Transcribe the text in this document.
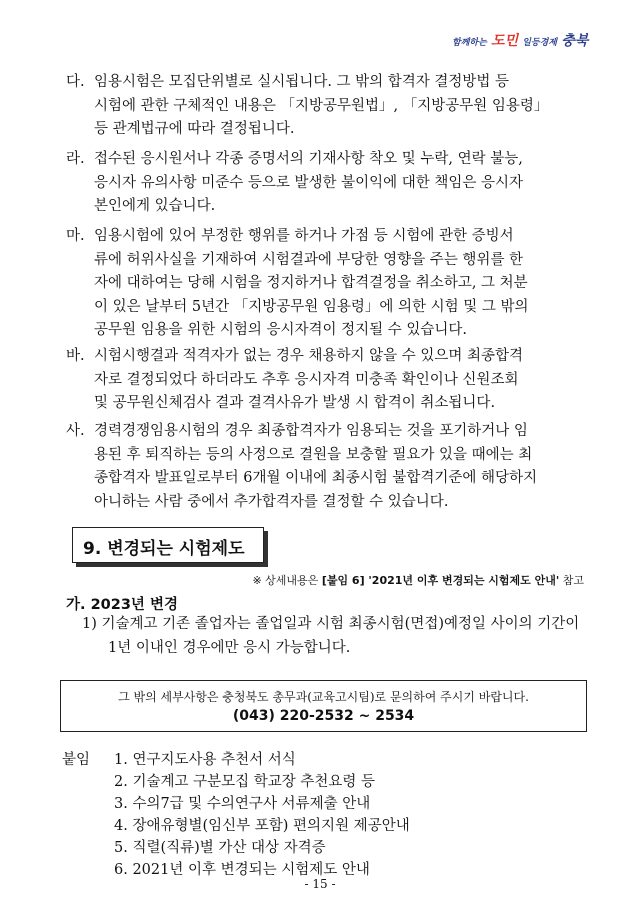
함께하는 도민 일등경제 충북
다. 임용시험은 모집단위별로 실시됩니다. 그 밖의 합격자 결정방법 등
시험에 관한 구체적인 내용은 「지방공무원법」, 「지방공무원 임용령」
등 관계법규에 따라 결정됩니다.
라. 접수된 응시원서나 각종 증명서의 기재사항 착오 및 누락, 연락 불능,
응시자 유의사항 미준수 등으로 발생한 불이익에 대한 책임은 응시자
본인에게 있습니다.
마. 임용시험에 있어 부정한 행위를 하거나 가점 등 시험에 관한 증빙서
류에 허위사실을 기재하여 시험결과에 부당한 영향을 주는 행위를 한
자에 대하여는 당해 시험을 정지하거나 합격결정을 취소하고, 그 처분
이 있은 날부터 5년간 「지방공무원 임용령」에 의한 시험 및 그 밖의
공무원 임용을 위한 시험의 응시자격이 정지될 수 있습니다.
바. 시험시행결과 적격자가 없는 경우 채용하지 않을 수 있으며 최종합격
자로 결정되었다 하더라도 추후 응시자격 미충족 확인이나 신원조회
및 공무원신체검사 결과 결격사유가 발생 시 합격이 취소됩니다.
사. 경력경쟁임용시험의 경우 최종합격자가 임용되는 것을 포기하거나 임
용된 후 퇴직하는 등의 사정으로 결원을 보충할 필요가 있을 때에는 최
종합격자 발표일로부터 6개월 이내에 최종시험 불합격기준에 해당하지
아니하는 사람 중에서 추가합격자를 결정할 수 있습니다.
9. 변경되는 시험제도
※ 상세내용은 [붙임 6] '2021년 이후 변경되는 시험제도 안내' 참고
가. 2023년 변경
1) 기술계고 기존 졸업자는 졸업일과 시험 최종시험(면접)예정일 사이의 기간이
1년 이내인 경우에만 응시 가능합니다.
그 밖의 세부사항은 충청북도 총무과(교육고시팀)로 문의하여 주시기 바랍니다.
(043) 220-2532 ~ 2534
붙임 1. 연구지도사용 추천서 서식
2. 기술계고 구분모집 학교장 추천요령 등
3. 수의7급 및 수의연구사 서류제출 안내
4. 장애유형별(임신부 포함) 편의지원 제공안내
5. 직렬(직류)별 가산 대상 자격증
6. 2021년 이후 변경되는 시험제도 안내
- 15 -
